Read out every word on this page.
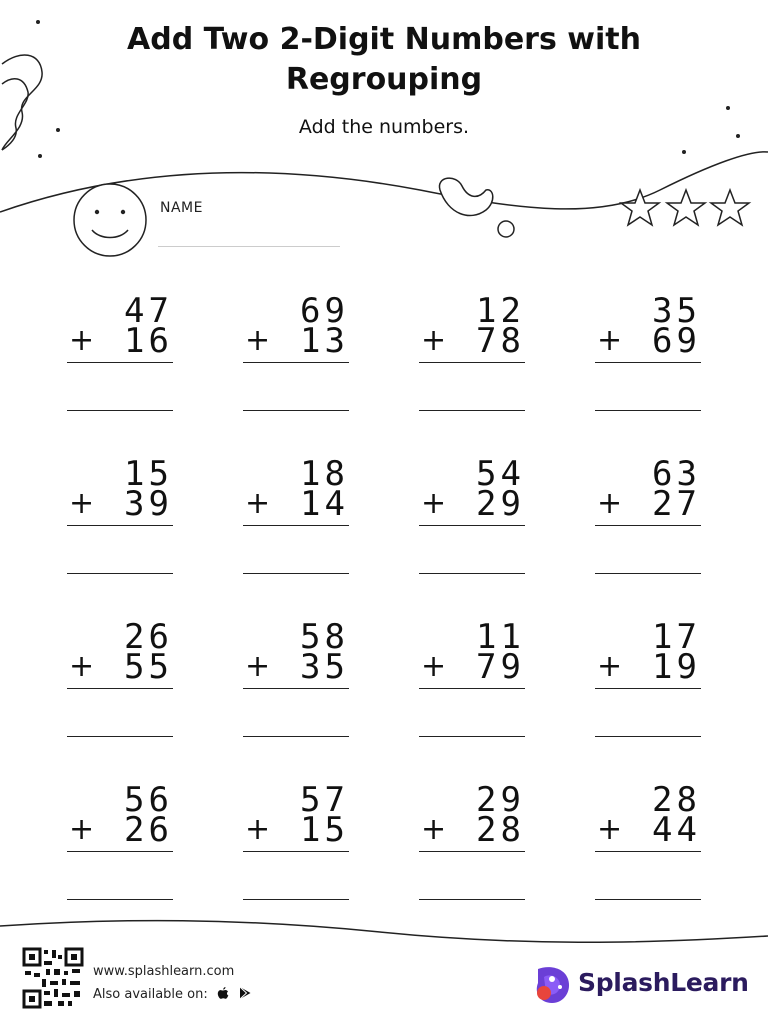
Add Two 2-Digit Numbers with
Regrouping
Add the numbers.
NAME
47
+ 16
69
+ 13
12
+ 78
35
+ 69
15
+ 39
18
+ 14
54
+ 29
63
+ 27
26
+ 55
58
+ 35
11
+ 79
17
+ 19
56
+ 26
57
+ 15
29
+ 28
28
+ 44
www.splashlearn.com
Also available on:	SplashLearn
